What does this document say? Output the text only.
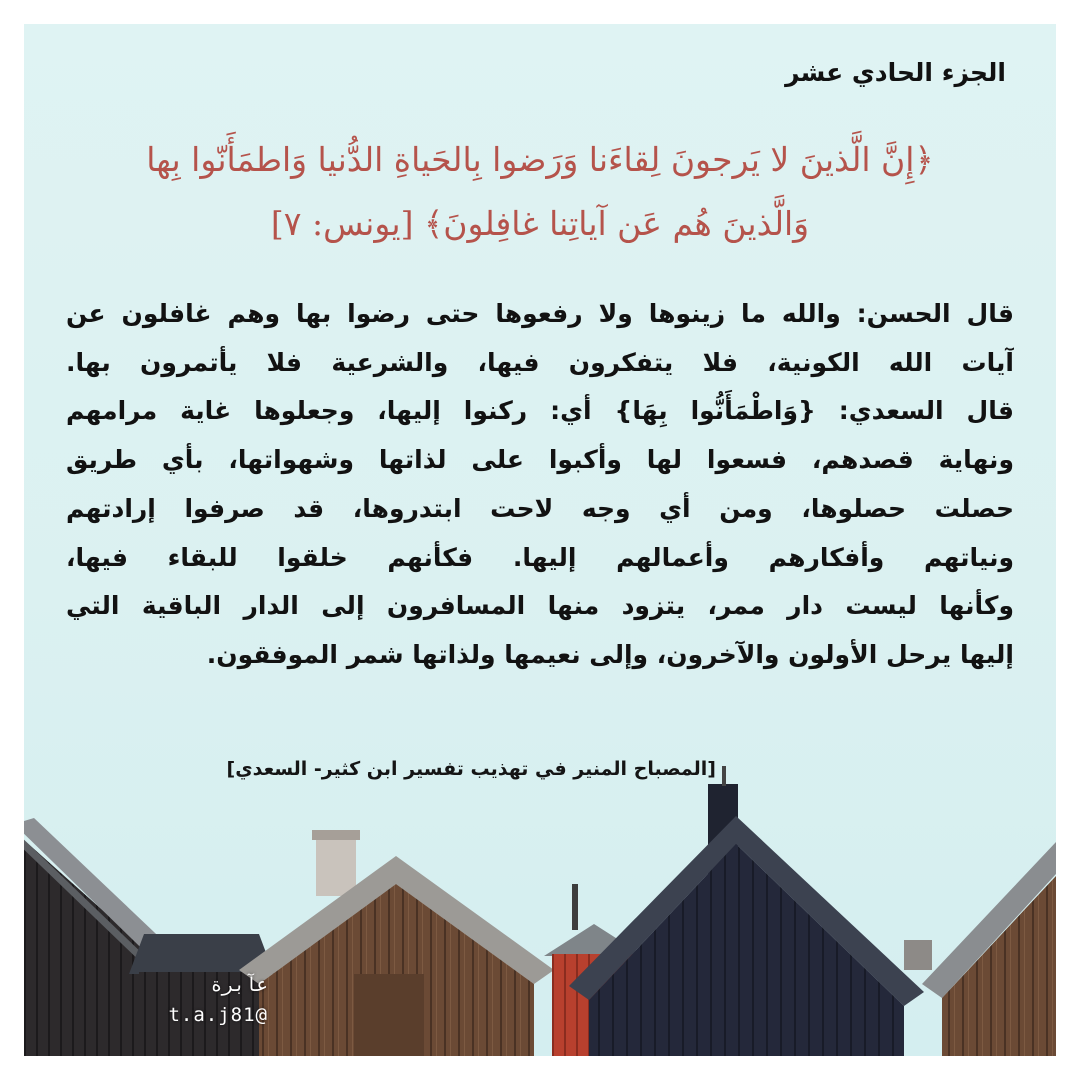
الجزء الحادي عشر
﴿إِنَّ الَّذينَ لا يَرجونَ لِقاءَنا وَرَضوا بِالحَياةِ الدُّنيا وَاطمَأَنّوا بِها
وَالَّذينَ هُم عَن آياتِنا غافِلونَ﴾ [يونس: ٧]
قال الحسن: والله ما زينوها ولا رفعوها حتى رضوا بها وهم غافلون عن
آيات الله الكونية، فلا يتفكرون فيها، والشرعية فلا يأتمرون بها.
قال السعدي: {وَاطْمَأَنُّوا بِهَا} أي: ركنوا إليها، وجعلوها غاية مرامهم
ونهاية قصدهم، فسعوا لها وأكبوا على لذاتها وشهواتها، بأي طريق
حصلت حصلوها، ومن أي وجه لاحت ابتدروها، قد صرفوا إرادتهم
ونياتهم وأفكارهم وأعمالهم إليها. فكأنهم خلقوا للبقاء فيها،
وكأنها ليست دار ممر، يتزود منها المسافرون إلى الدار الباقية التي
إليها يرحل الأولون والآخرون، وإلى نعيمها ولذاتها شمر الموفقون.
[المصباح المنير في تهذيب تفسير ابن كثير- السعدي]
عآبرة
t.a.j81@
